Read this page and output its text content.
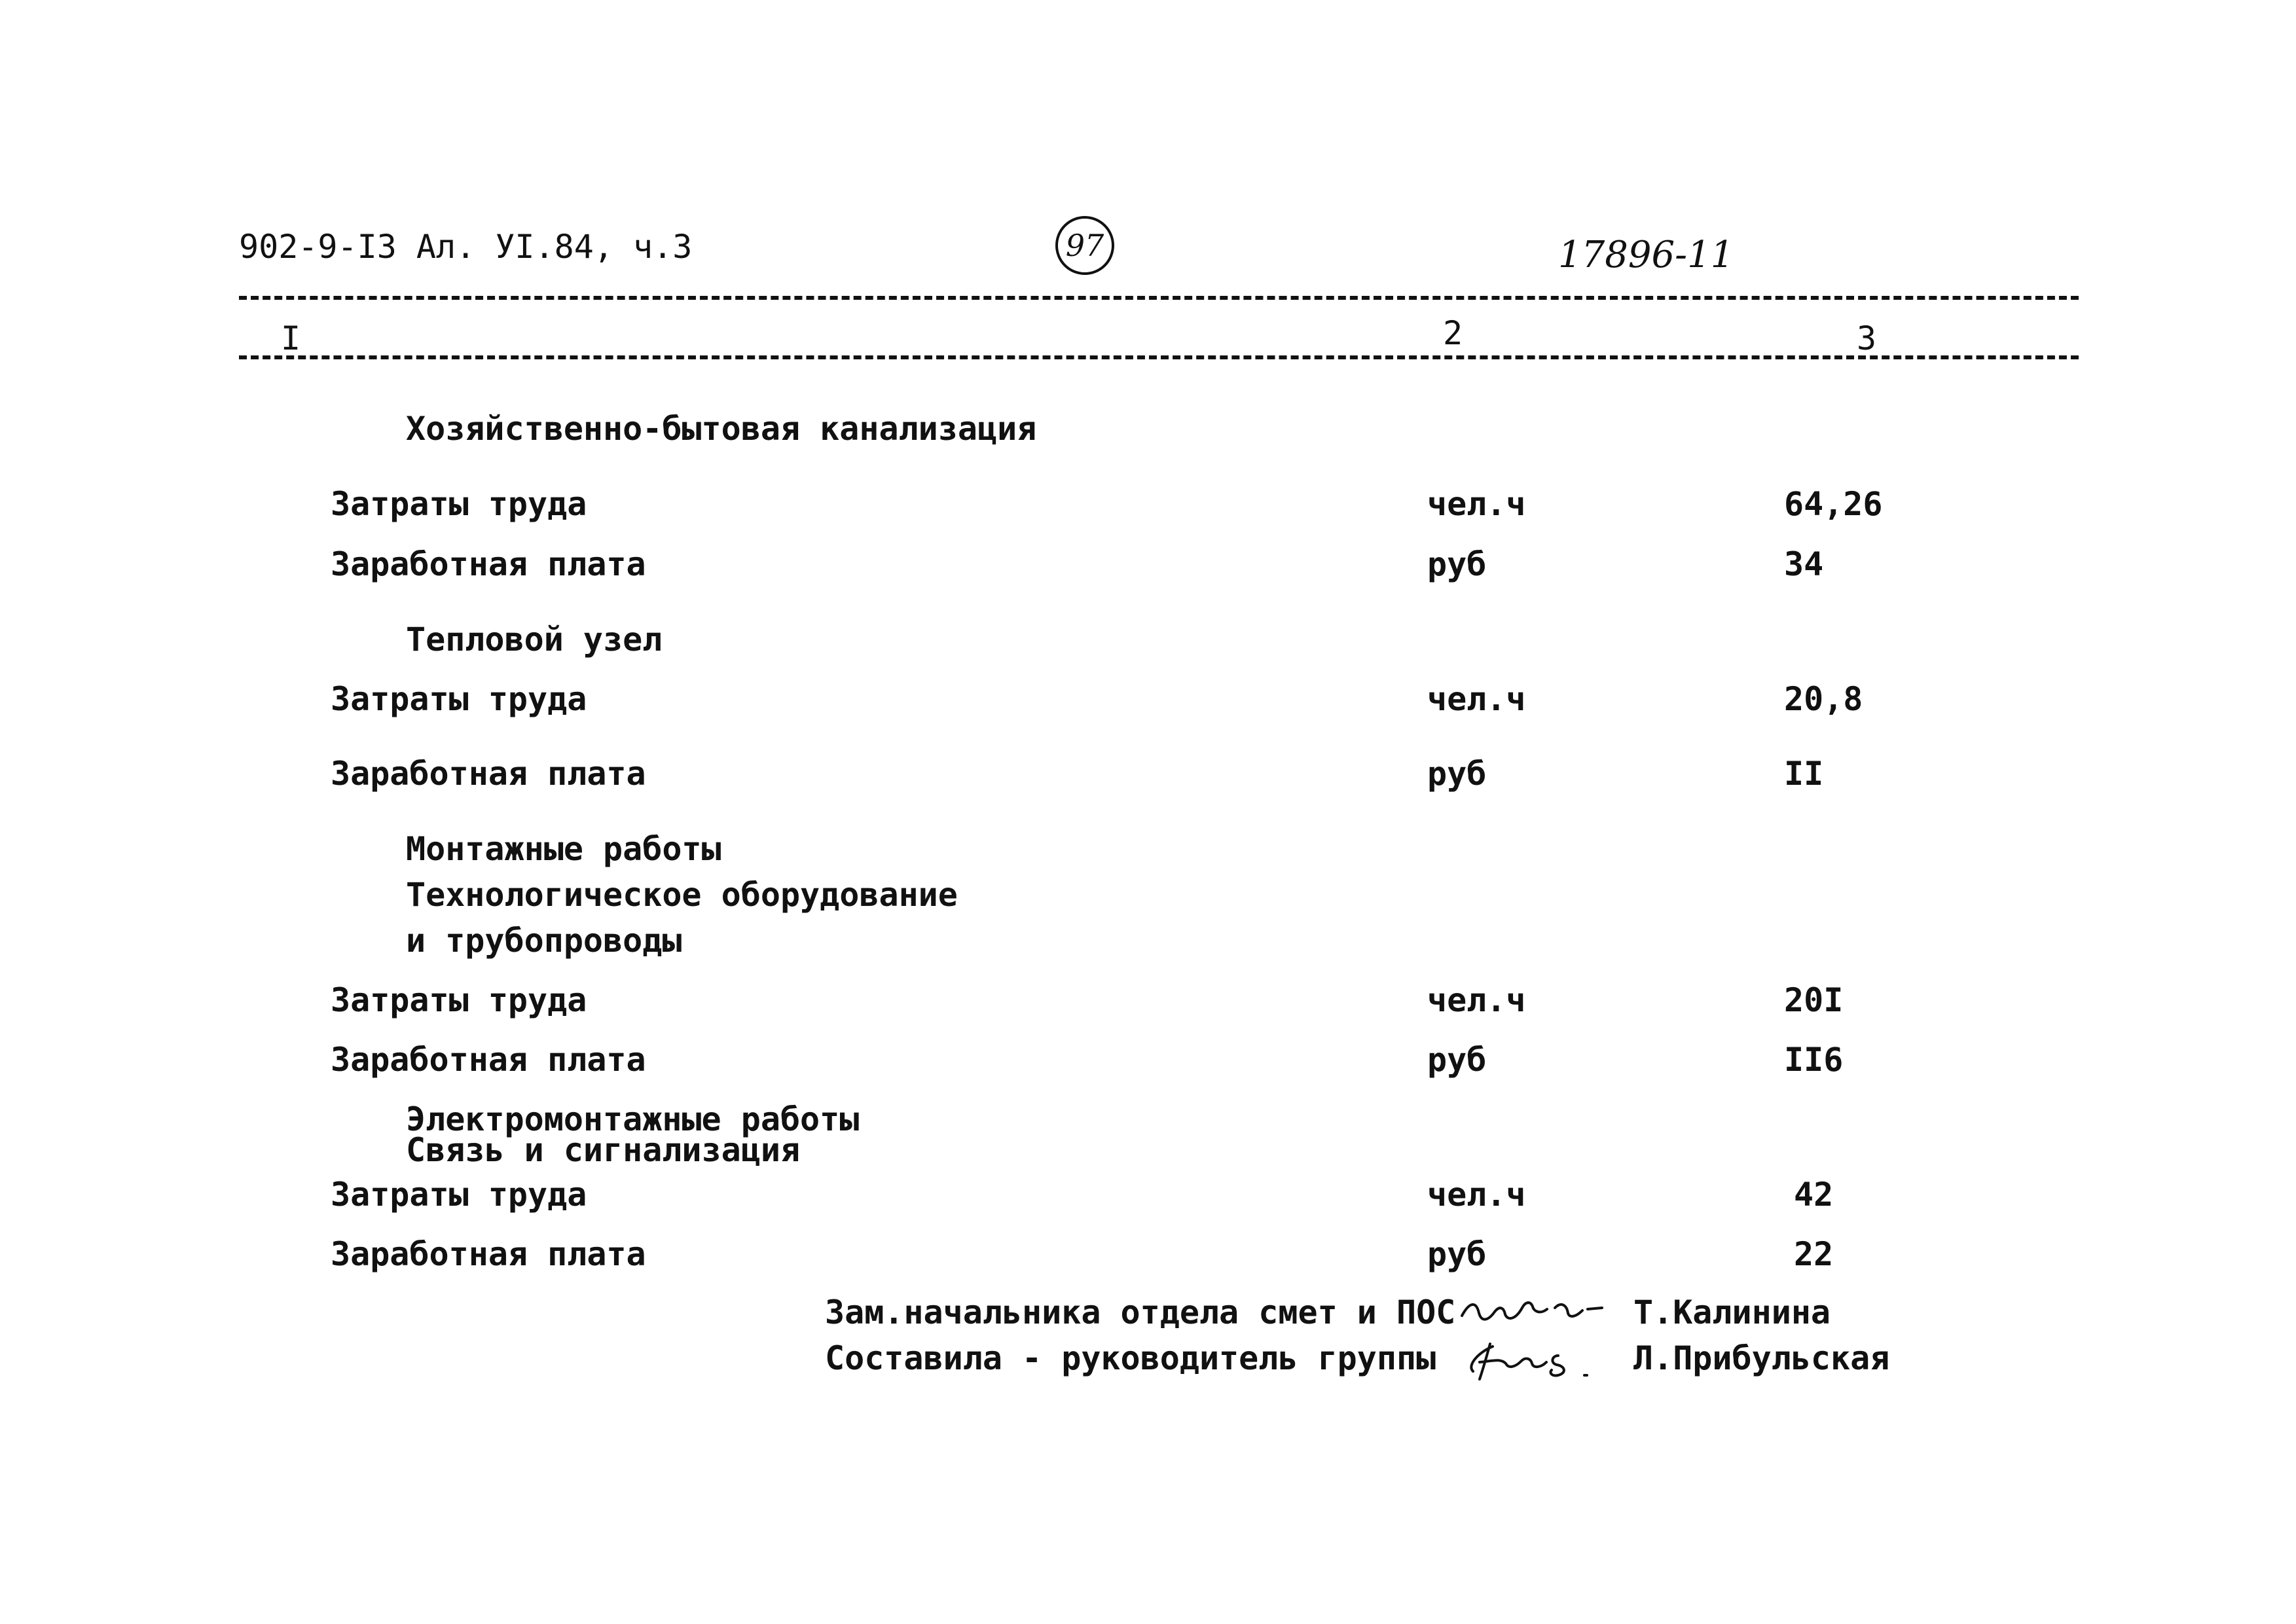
902-9-I3 Ал. УI.84, ч.3	97	17896-11
I	2	3
Хозяйственно-бытовая канализация
Затраты труда	чел.ч	64,26
Заработная плата	руб	34
Тепловой узел
Затраты труда	чел.ч	20,8
Заработная плата	руб	II
Монтажные работы
Технологическое оборудование
и трубопроводы
Затраты труда	чел.ч	20I
Заработная плата	руб	II6
Электромонтажные работы
Связь и сигнализация
Затраты труда	чел.ч	42
Заработная плата	руб	22
Зам.начальника отдела смет и ПОС	Т.Калинина
Составила - руководитель группы	Л.Прибульская
